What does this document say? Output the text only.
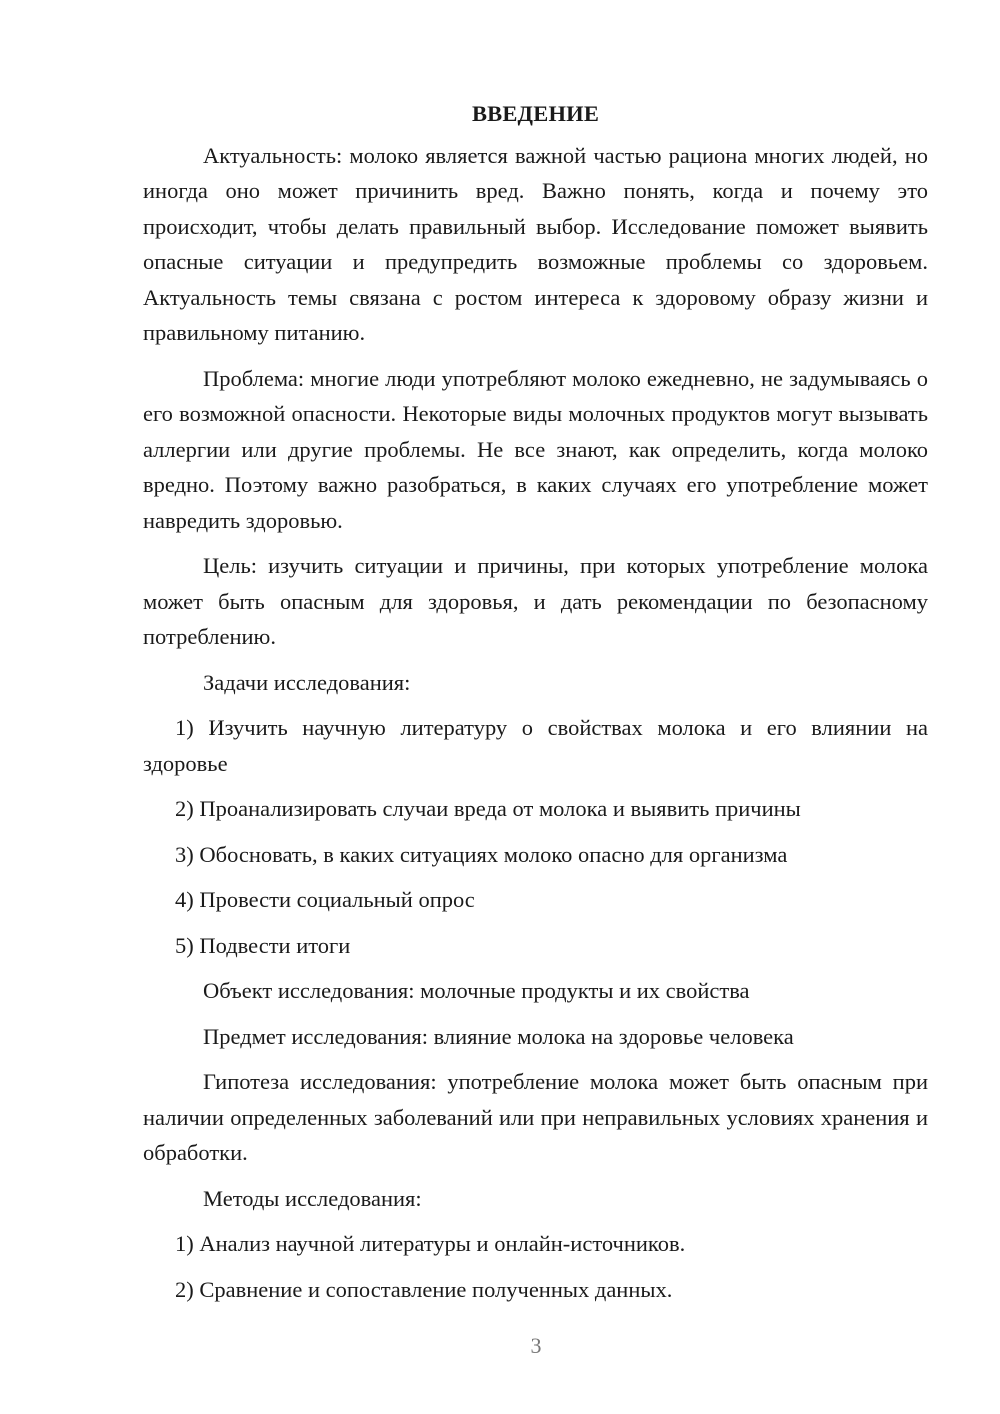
ВВЕДЕНИЕ

Актуальность: молоко является важной частью рациона многих людей, но иногда оно может причинить вред. Важно понять, когда и почему это происходит, чтобы делать правильный выбор. Исследование поможет выявить опасные ситуации и предупредить возможные проблемы со здоровьем. Актуальность темы связана с ростом интереса к здоровому образу жизни и правильному питанию.

Проблема: многие люди употребляют молоко ежедневно, не задумываясь о его возможной опасности. Некоторые виды молочных продуктов могут вызывать аллергии или другие проблемы. Не все знают, как определить, когда молоко вредно. Поэтому важно разобраться, в каких случаях его употребление может навредить здоровью.

Цель: изучить ситуации и причины, при которых употребление молока может быть опасным для здоровья, и дать рекомендации по безопасному потреблению.

Задачи исследования:

1) Изучить научную литературу о свойствах молока и его влиянии на здоровье

2) Проанализировать случаи вреда от молока и выявить причины

3) Обосновать, в каких ситуациях молоко опасно для организма

4) Провести социальный опрос

5) Подвести итоги

Объект исследования: молочные продукты и их свойства

Предмет исследования: влияние молока на здоровье человека

Гипотеза исследования: употребление молока может быть опасным при наличии определенных заболеваний или при неправильных условиях хранения и обработки.

Методы исследования:

1) Анализ научной литературы и онлайн-источников.

2) Сравнение и сопоставление полученных данных.

3
